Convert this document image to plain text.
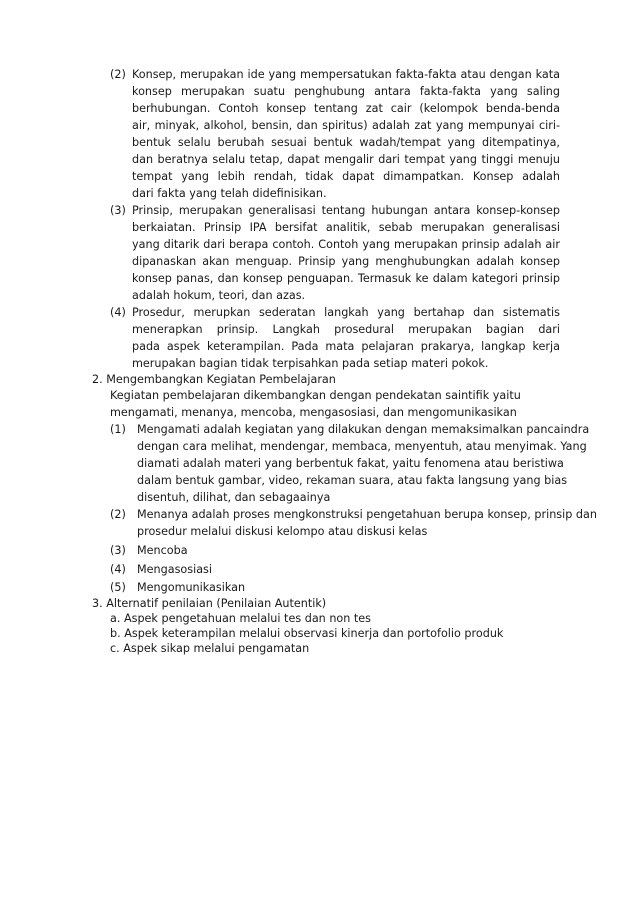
(2) Konsep, merupakan ide yang mempersatukan fakta-fakta atau dengan kata
konsep merupakan suatu penghubung antara fakta-fakta yang saling
berhubungan. Contoh konsep tentang zat cair (kelompok benda-benda
air, minyak, alkohol, bensin, dan spiritus) adalah zat yang mempunyai ciri-
bentuk selalu berubah sesuai bentuk wadah/tempat yang ditempatinya,
dan beratnya selalu tetap, dapat mengalir dari tempat yang tinggi menuju
tempat yang lebih rendah, tidak dapat dimampatkan. Konsep adalah
dari fakta yang telah didefinisikan.
(3) Prinsip, merupakan generalisasi tentang hubungan antara konsep-konsep
berkaiatan. Prinsip IPA bersifat analitik, sebab merupakan generalisasi
yang ditarik dari berapa contoh. Contoh yang merupakan prinsip adalah air
dipanaskan akan menguap. Prinsip yang menghubungkan adalah konsep
konsep panas, dan konsep penguapan. Termasuk ke dalam kategori prinsip
adalah hokum, teori, dan azas.
(4) Prosedur, merupkan sederatan langkah yang bertahap dan sistematis
menerapkan prinsip. Langkah prosedural merupakan bagian dari
pada aspek keterampilan. Pada mata pelajaran prakarya, langkap kerja
merupakan bagian tidak terpisahkan pada setiap materi pokok.
2. Mengembangkan Kegiatan Pembelajaran
Kegiatan pembelajaran dikembangkan dengan pendekatan saintifik yaitu
mengamati, menanya, mencoba, mengasosiasi, dan mengomunikasikan
(1) Mengamati adalah kegiatan yang dilakukan dengan memaksimalkan pancaindra
dengan cara melihat, mendengar, membaca, menyentuh, atau menyimak. Yang
diamati adalah materi yang berbentuk fakat, yaitu fenomena atau beristiwa
dalam bentuk gambar, video, rekaman suara, atau fakta langsung yang bias
disentuh, dilihat, dan sebagaainya
(2) Menanya adalah proses mengkonstruksi pengetahuan berupa konsep, prinsip dan
prosedur melalui diskusi kelompo atau diskusi kelas
(3) Mencoba
(4) Mengasosiasi
(5) Mengomunikasikan
3. Alternatif penilaian (Penilaian Autentik)
a. Aspek pengetahuan melalui tes dan non tes
b. Aspek keterampilan melalui observasi kinerja dan portofolio produk
c. Aspek sikap melalui pengamatan
